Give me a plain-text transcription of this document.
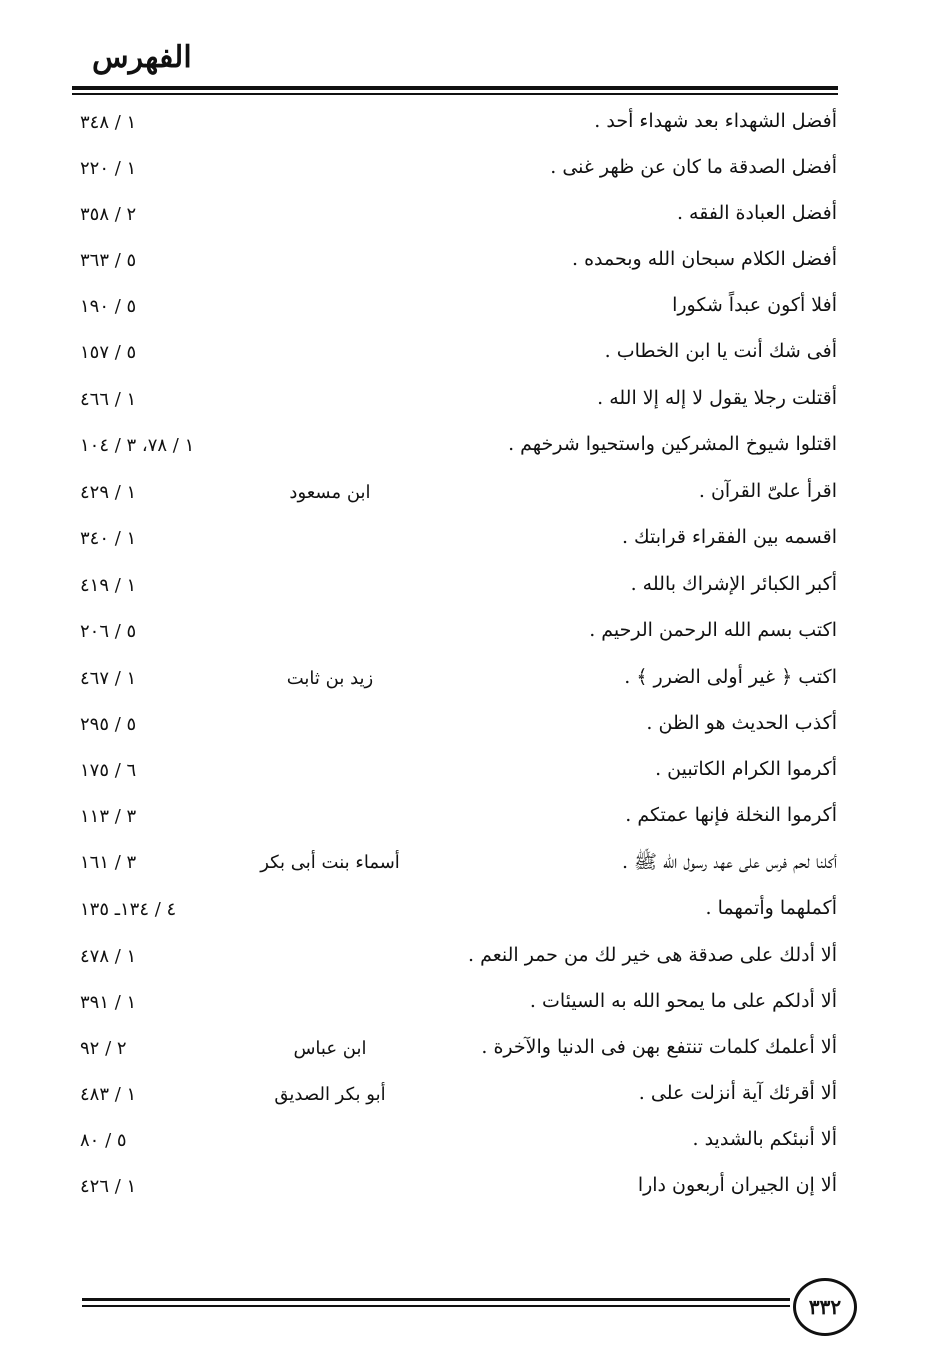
الفهرس
أفضل الشهداء بعد شهداء أحد .
١ / ٣٤٨
أفضل الصدقة ما كان عن ظهر غنى .
١ / ٢٢٠
أفضل العبادة الفقه .
٢ / ٣٥٨
أفضل الكلام سبحان الله وبحمده .
٥ / ٣٦٣
أفلا أكون عبداً شكورا
٥ / ١٩٠
أفى شك أنت يا ابن الخطاب .
٥ / ١٥٧
أقتلت رجلا يقول لا إله إلا الله .
١ / ٤٦٦
اقتلوا شيوخ المشركين واستحيوا شرخهم .
١ / ٧٨، ٣ / ١٠٤
اقرأ علىّ القرآن .
ابن مسعود
١ / ٤٢٩
اقسمه بين الفقراء قرابتك .
١ / ٣٤٠
أكبر الكبائر الإشراك بالله .
١ / ٤١٩
اكتب بسم الله الرحمن الرحيم .
٥ / ٢٠٦
اكتب ﴿ غير أولى الضرر ﴾ .
زيد بن ثابت
١ / ٤٦٧
أكذب الحديث هو الظن .
٥ / ٢٩٥
أكرموا الكرام الكاتبين .
٦ / ١٧٥
أكرموا النخلة فإنها عمتكم .
٣ / ١١٣
أكلنا لحم فرس على عهد رسول الله ﷺ .
أسماء بنت أبى بكر
٣ / ١٦١
أكملهما وأتمهما .
٤ / ١٣٤ـ ١٣٥
ألا أدلك على صدقة هى خير لك من حمر النعم .
١ / ٤٧٨
ألا أدلكم على ما يمحو الله به السيئات .
١ / ٣٩١
ألا أعلمك كلمات تنتفع بهن فى الدنيا والآخرة .
ابن عباس
٢ / ٩٢
ألا أقرئك آية أنزلت على .
أبو بكر الصديق
١ / ٤٨٣
ألا أنبئكم بالشديد .
٥ / ٨٠
ألا إن الجيران أربعون دارا
١ / ٤٢٦
٣٣٢
